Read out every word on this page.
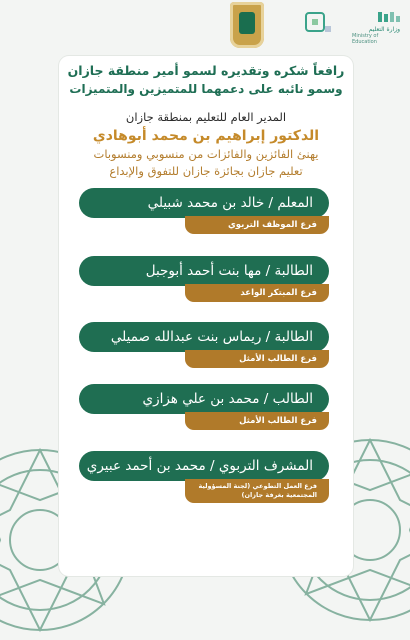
وزارة التعليم
Ministry of Education
رافعاً شكره وتقديره لسمو أمير منطقة جازان
وسمو نائبه على دعمهما للمتميزين والمتميزات
المدير العام للتعليم بمنطقة جازان
الدكتور إبراهيم بن محمد أبوهادي
يهنئ الفائزين والفائزات من منسوبي ومنسوبات
تعليم جازان بجائزة جازان للتفوق والإبداع
المعلم / خالد بن محمد شبيلي
فرع الموظف التربوي
الطالبة / مها بنت أحمد أبوجبل
فرع المبتكر الواعد
الطالبة / ريماس بنت عبدالله صميلي
فرع الطالب الأمثل
الطالب / محمد بن علي هزازي
فرع الطالب الأمثل
المشرف التربوي / محمد بن أحمد عبيري
فرع العمل التطوعي (لجنة المسؤولية المجتمعية بغرفة جازان)
